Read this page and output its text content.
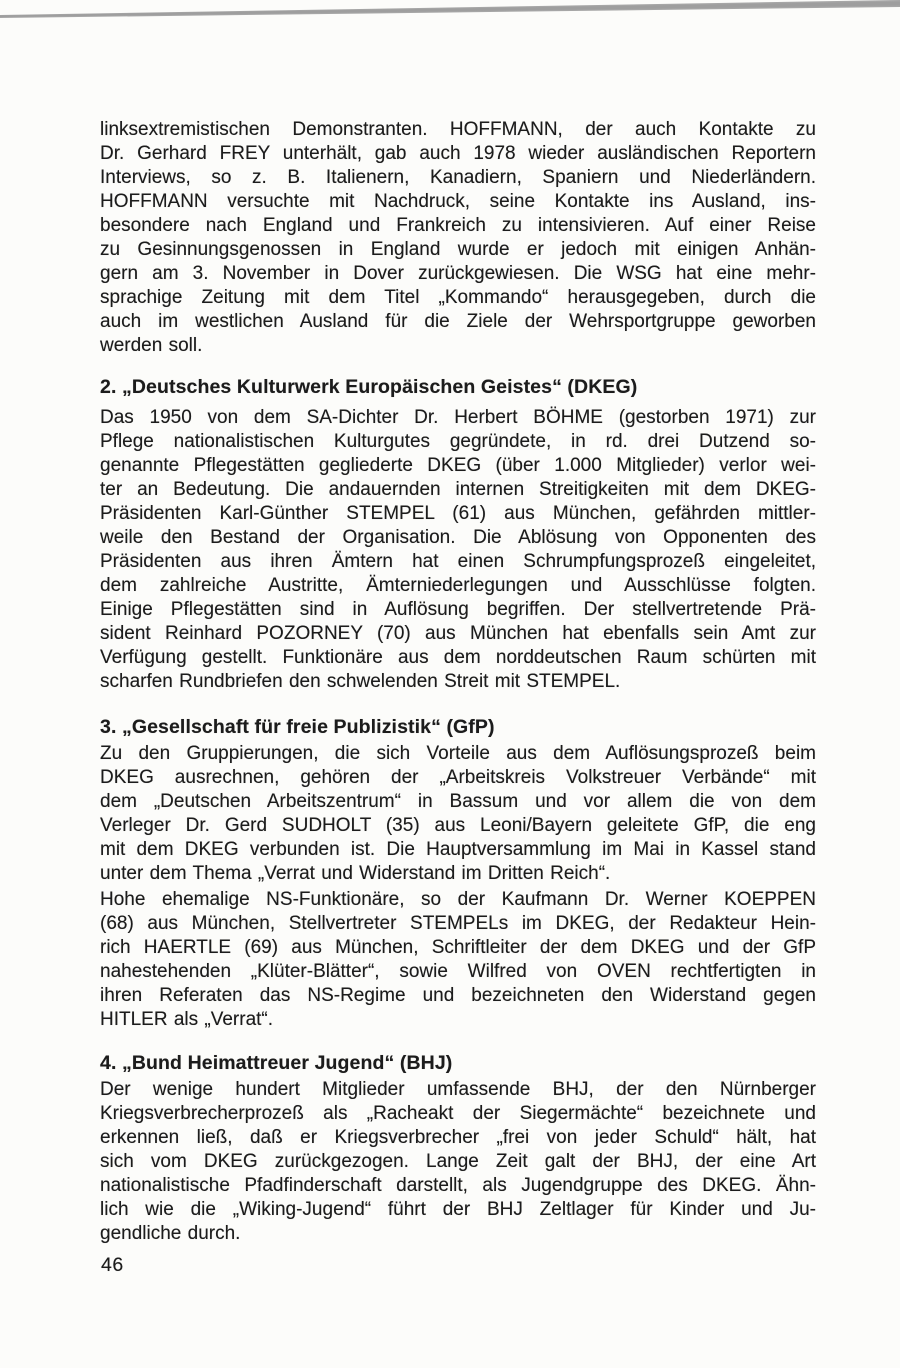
linksextremistischen Demonstranten. HOFFMANN, der auch Kontakte zu
Dr. Gerhard FREY unterhält, gab auch 1978 wieder ausländischen Reportern
Interviews, so z. B. Italienern, Kanadiern, Spaniern und Niederländern.
HOFFMANN versuchte mit Nachdruck, seine Kontakte ins Ausland, ins-
besondere nach England und Frankreich zu intensivieren. Auf einer Reise
zu Gesinnungsgenossen in England wurde er jedoch mit einigen Anhän-
gern am 3. November in Dover zurückgewiesen. Die WSG hat eine mehr-
sprachige Zeitung mit dem Titel „Kommando“ herausgegeben, durch die
auch im westlichen Ausland für die Ziele der Wehrsportgruppe geworben
werden soll.
2. „Deutsches Kulturwerk Europäischen Geistes“ (DKEG)
Das 1950 von dem SA-Dichter Dr. Herbert BÖHME (gestorben 1971) zur
Pflege nationalistischen Kulturgutes gegründete, in rd. drei Dutzend so-
genannte Pflegestätten gegliederte DKEG (über 1.000 Mitglieder) verlor wei-
ter an Bedeutung. Die andauernden internen Streitigkeiten mit dem DKEG-
Präsidenten Karl-Günther STEMPEL (61) aus München, gefährden mittler-
weile den Bestand der Organisation. Die Ablösung von Opponenten des
Präsidenten aus ihren Ämtern hat einen Schrumpfungsprozeß eingeleitet,
dem zahlreiche Austritte, Ämterniederlegungen und Ausschlüsse folgten.
Einige Pflegestätten sind in Auflösung begriffen. Der stellvertretende Prä-
sident Reinhard POZORNEY (70) aus München hat ebenfalls sein Amt zur
Verfügung gestellt. Funktionäre aus dem norddeutschen Raum schürten mit
scharfen Rundbriefen den schwelenden Streit mit STEMPEL.
3. „Gesellschaft für freie Publizistik“ (GfP)
Zu den Gruppierungen, die sich Vorteile aus dem Auflösungsprozeß beim
DKEG ausrechnen, gehören der „Arbeitskreis Volkstreuer Verbände“ mit
dem „Deutschen Arbeitszentrum“ in Bassum und vor allem die von dem
Verleger Dr. Gerd SUDHOLT (35) aus Leoni/Bayern geleitete GfP, die eng
mit dem DKEG verbunden ist. Die Hauptversammlung im Mai in Kassel stand
unter dem Thema „Verrat und Widerstand im Dritten Reich“.
Hohe ehemalige NS-Funktionäre, so der Kaufmann Dr. Werner KOEPPEN
(68) aus München, Stellvertreter STEMPELs im DKEG, der Redakteur Hein-
rich HAERTLE (69) aus München, Schriftleiter der dem DKEG und der GfP
nahestehenden „Klüter-Blätter“, sowie Wilfred von OVEN rechtfertigten in
ihren Referaten das NS-Regime und bezeichneten den Widerstand gegen
HITLER als „Verrat“.
4. „Bund Heimattreuer Jugend“ (BHJ)
Der wenige hundert Mitglieder umfassende BHJ, der den Nürnberger
Kriegsverbrecherprozeß als „Racheakt der Siegermächte“ bezeichnete und
erkennen ließ, daß er Kriegsverbrecher „frei von jeder Schuld“ hält, hat
sich vom DKEG zurückgezogen. Lange Zeit galt der BHJ, der eine Art
nationalistische Pfadfinderschaft darstellt, als Jugendgruppe des DKEG. Ähn-
lich wie die „Wiking-Jugend“ führt der BHJ Zeltlager für Kinder und Ju-
gendliche durch.
46
